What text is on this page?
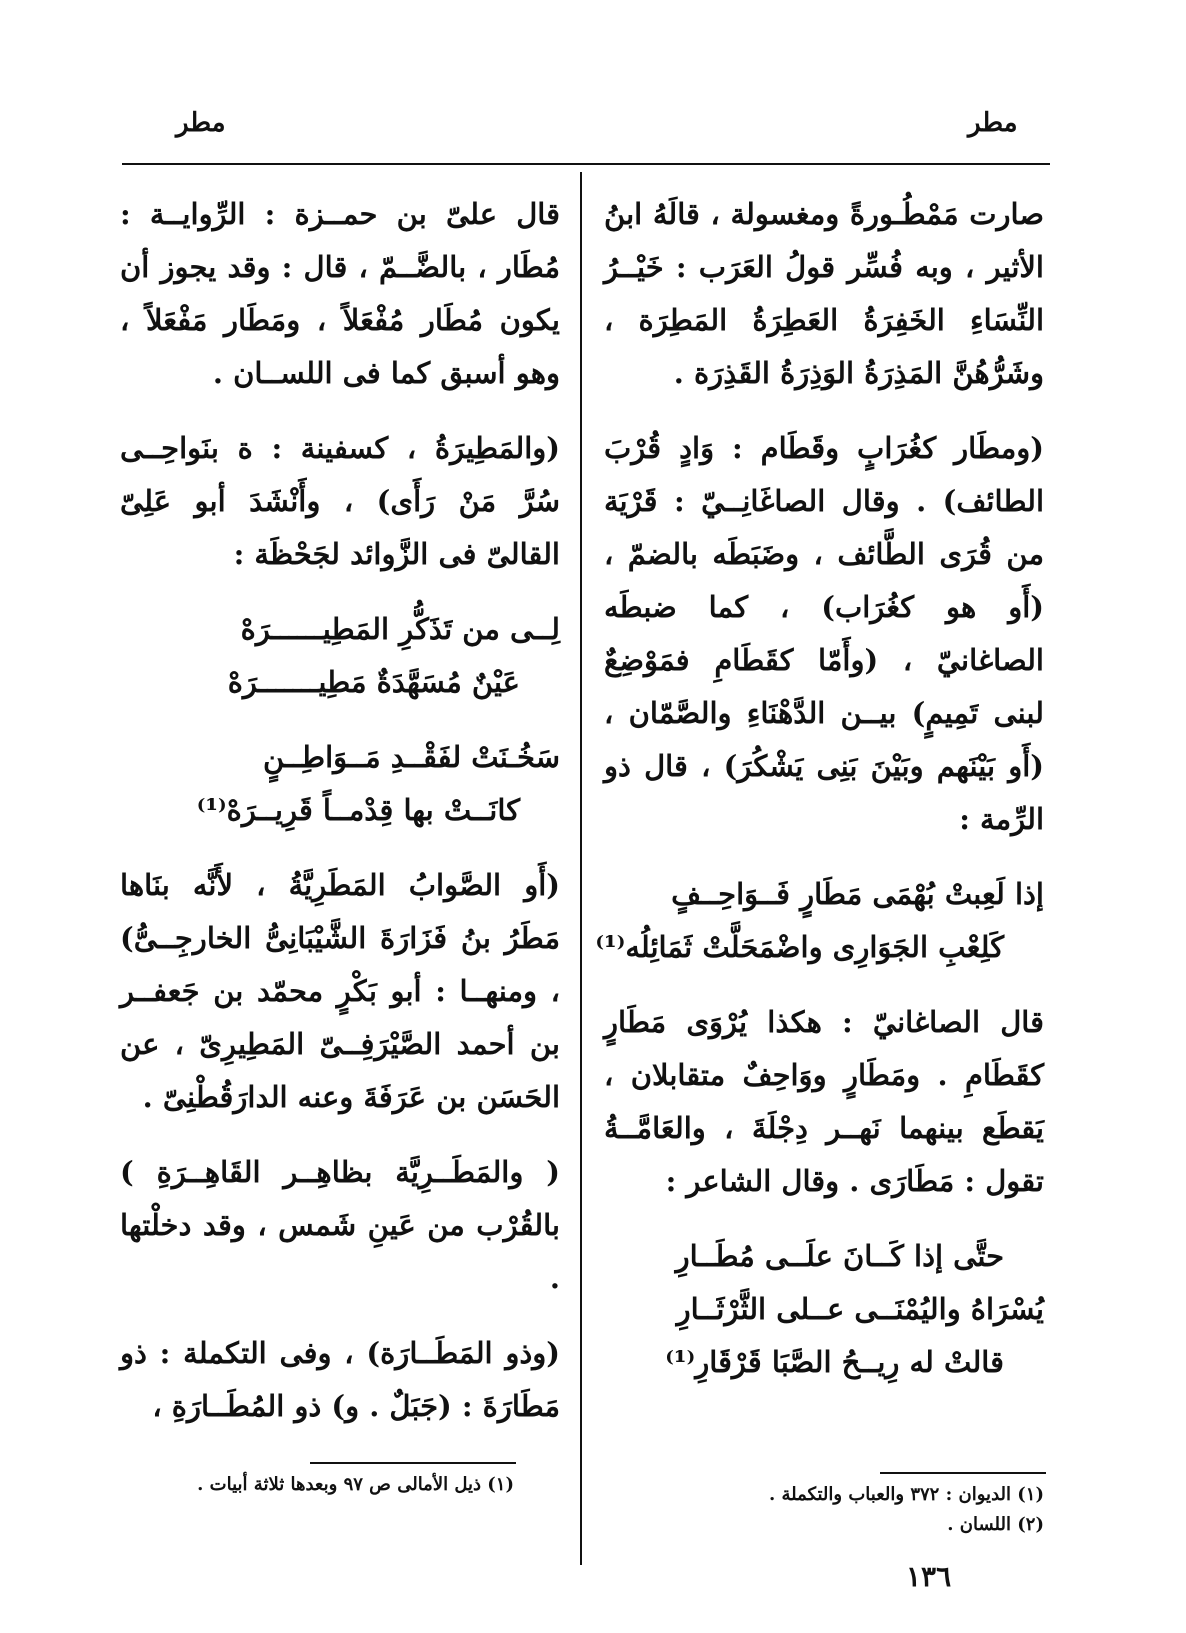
مطر
مطر

صارت مَمْطُـورةً ومغسولة ، قالَهُ ابنُ الأثير ، وبه فُسِّر قولُ العَرَب : خَيْــرُ النِّسَاءِ الخَفِرَةُ العَطِرَةُ المَطِرَة ، وشَرُّهُنَّ المَذِرَةُ الوَذِرَةُ القَذِرَة .

(ومطَار كغُرَابٍ وقَطَام : وَادٍ قُرْبَ الطائف) . وقال الصاغَانِــيّ : قَرْيَة من قُرَى الطَّائف ، وضَبَطَه بالضمّ ، (أَو هو كغُرَاب) ، كما ضبطَه الصاغانيّ ، (وأَمّا كقَطَامِ فمَوْضِعٌ لبنى تَمِيمٍ) بيــن الدَّهْنَاءِ والصَّمّان ، (أَو بَيْنَهم وبَيْنَ بَنِى يَشْكُرَ) ، قال ذو الرِّمة :

إذا لَعِبتْ بُهْمَى مَطَارٍ فَــوَاحِــفٍ
كَلِعْبِ الجَوَارِى واضْمَحَلَّتْ ثَمَائِلُه⁽¹⁾

قال الصاغانيّ : هكذا يُرْوَى مَطَارٍ كقَطَامِ . ومَطَارٍ ووَاحِفٌ متقابلان ، يَقطَع بينهما نَهــر دِجْلَةَ ، والعَامَّــةُ تقول : مَطَارَى . وقال الشاعر :

حتَّى إذا كَــانَ علَــى مُطَــارِ
يُسْرَاهُ واليُمْنَــى عــلى الثَّرْثَــارِ
قالتْ له رِيــحُ الصَّبَا قَرْقَارِ⁽¹⁾

قال علىّ بن حمــزة : الرِّوايــة : مُطَار ، بالضَّــمّ ، قال : وقد يجوز أن يكون مُطَار مُفْعَلاً ، ومَطَار مَفْعَلاً ، وهو أسبق كما فى اللســان .

(والمَطِيرَةُ ، كسفينة : ة بنَواحِــى سُرَّ مَنْ رَأَى) ، وأَنْشَدَ أبو عَلِىّ القالىّ فى الزَّوائد لجَحْظَة :

لِــى من تَذَكُّرِ المَطِيــــــرَهْ
عَيْنٌ مُسَهَّدَةٌ مَطِيـــــــرَهْ
سَخُـنَتْ لفَقْــدِ مَــوَاطِــنٍ
كانَــتْ بها قِدْمــاً قَرِيــرَهْ⁽¹⁾

(أَو الصَّوابُ المَطَرِيَّةُ ، لأَنَّه بنَاها مَطَرُ بنُ فَزَارَةَ الشَّيْبَانِىُّ الخارجِــىُّ) ، ومنهــا : أبو بَكْرٍ محمّد بن جَعفــر بن أحمد الصَّيْرَفِــىّ المَطِيرِىّ ، عن الحَسَن بن عَرَفَةَ وعنه الدارَقُطْنِىّ .

( والمَطَــرِيَّة بظاهِــر القَاهِــرَةِ ) بالقُرْب من عَينِ شَمس ، وقد دخلْتها .

(وذو المَطَــارَة) ، وفى التكملة : ذو مَطَارَةَ : (جَبَلٌ . و) ذو المُطَــارَةِ ،

(١) الديوان : ٣٧٢ والعباب والتكملة .
(٢) اللسان .
(١) ذيل الأمالى ص ٩٧ وبعدها ثلاثة أبيات .
١٣٦
